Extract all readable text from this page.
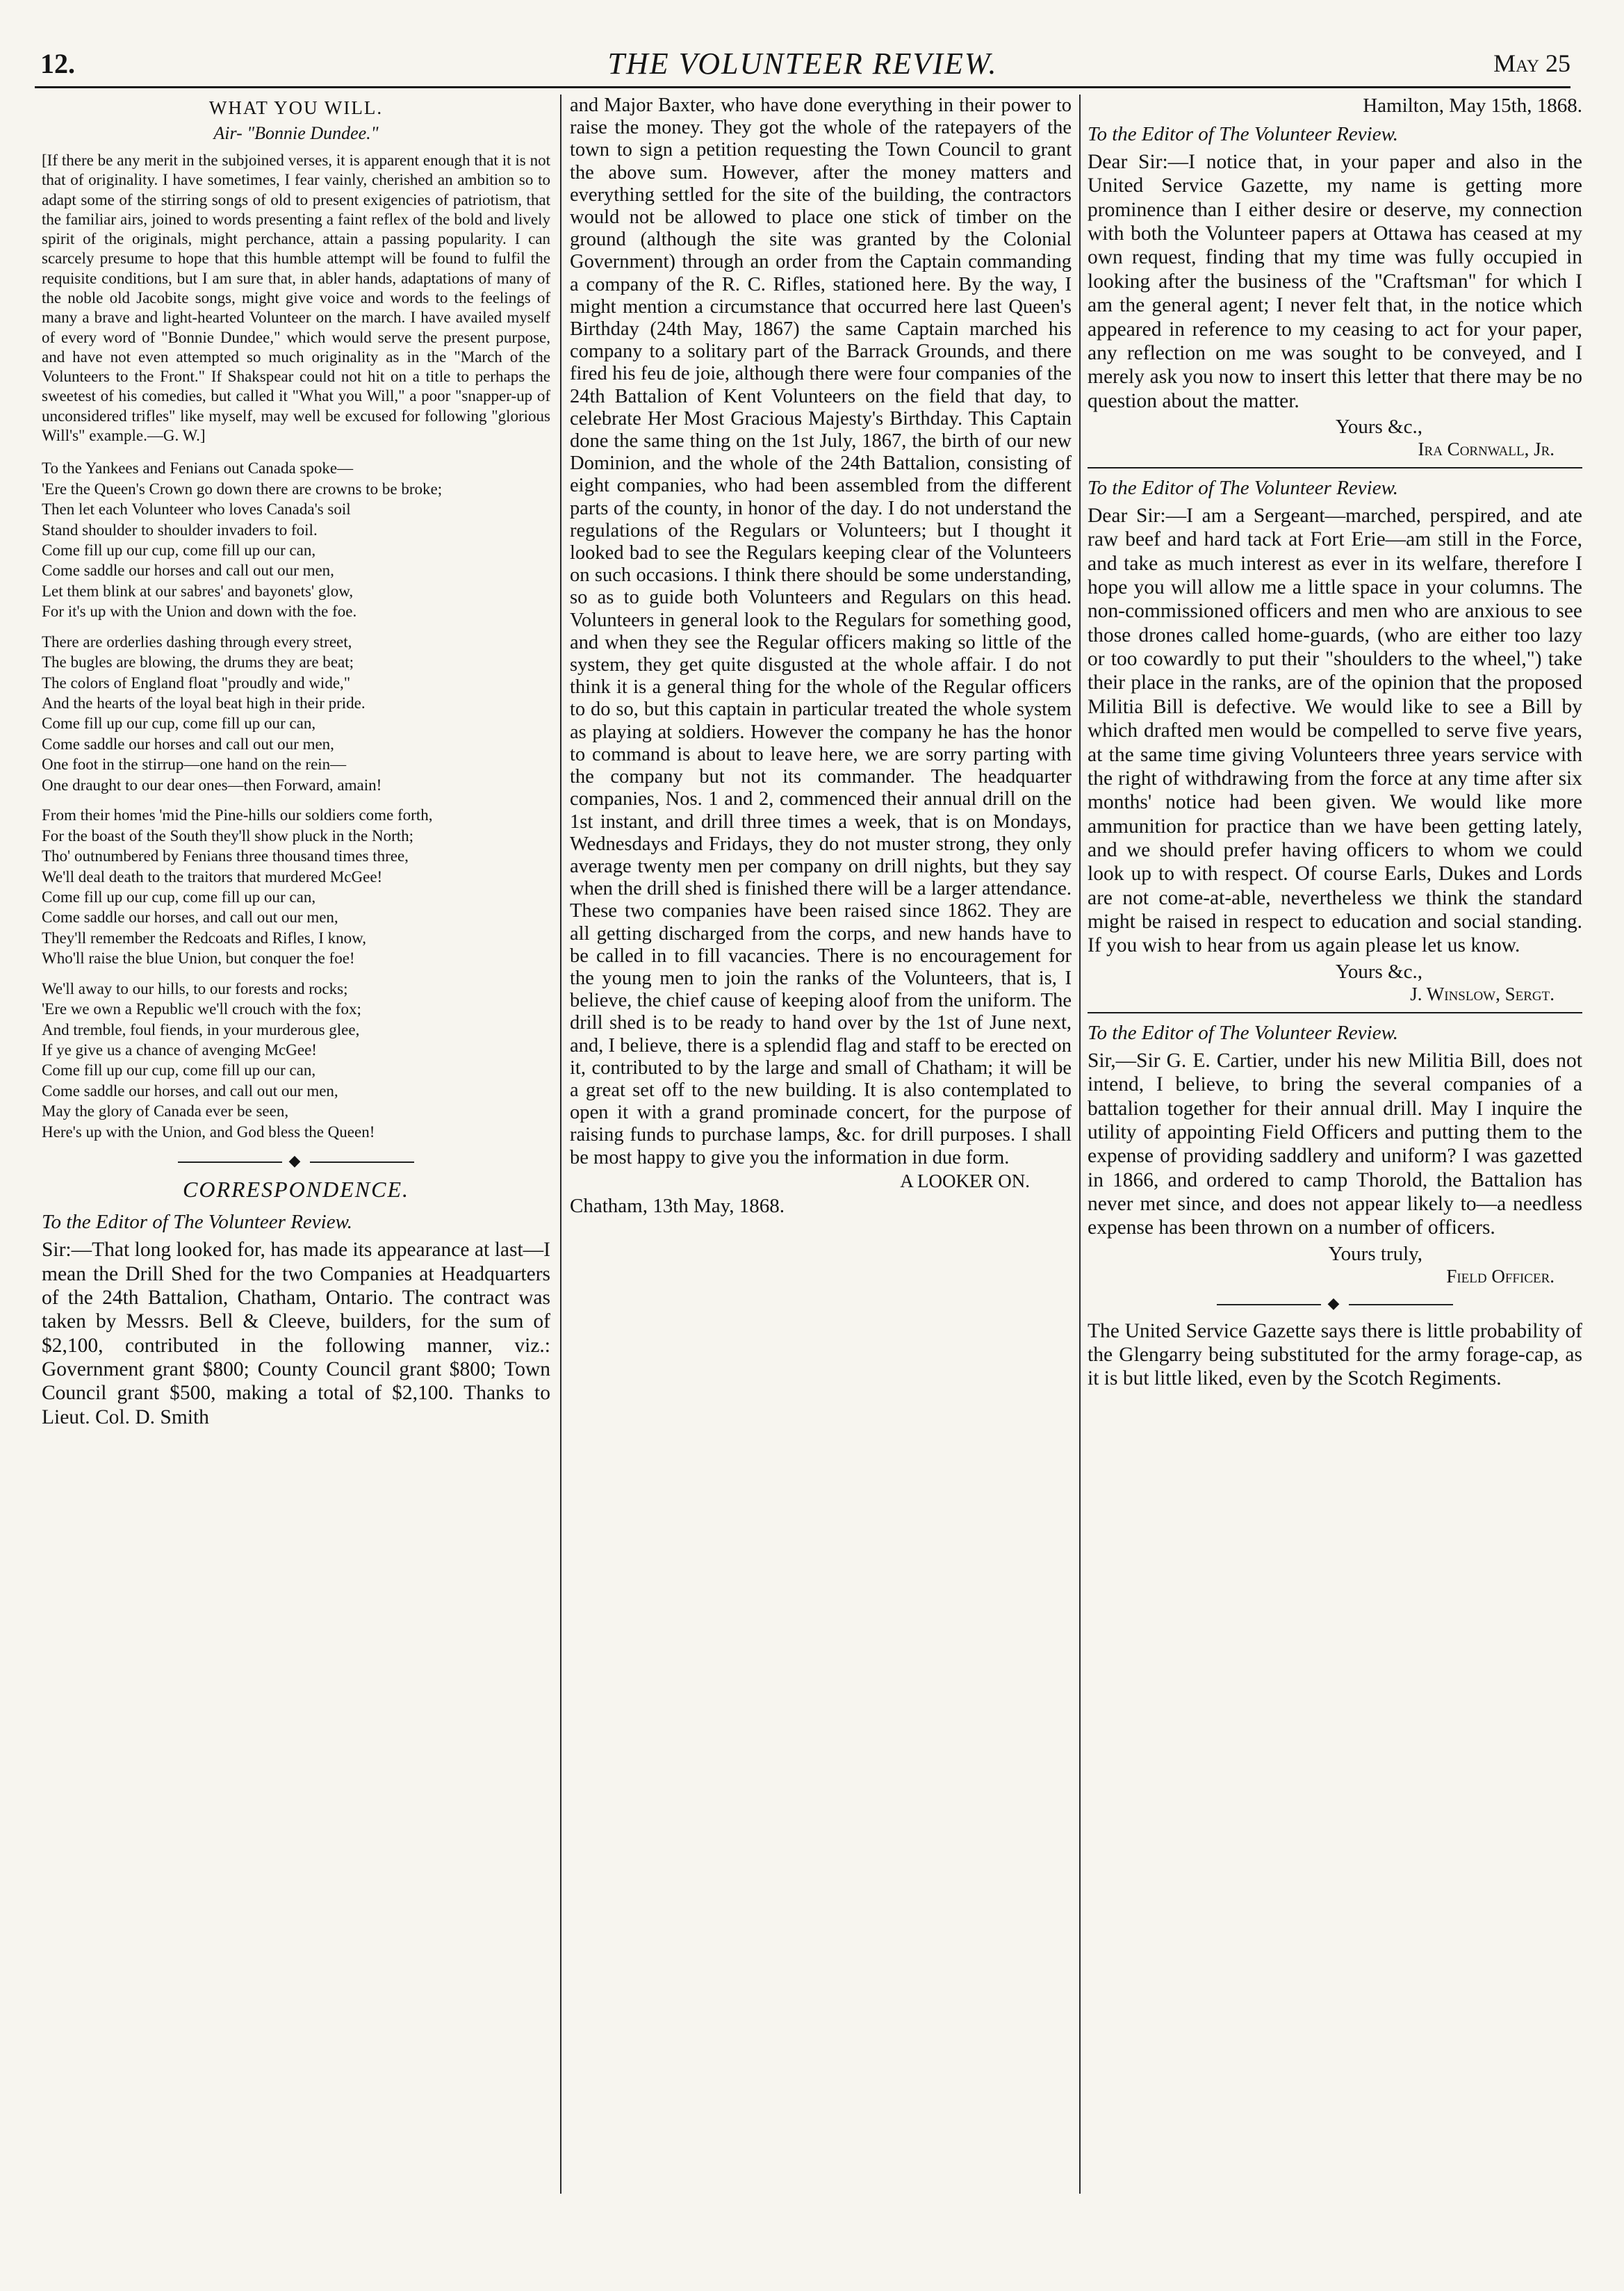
12.	THE VOLUNTEER REVIEW.	May 25
WHAT YOU WILL.
Air- "Bonnie Dundee."

[If there be any merit in the subjoined verses, it is apparent enough that it is not that of originality. I have sometimes, I fear vainly, cherished an ambition so to adapt some of the stirring songs of old to present exigencies of patriotism, that the familiar airs, joined to words presenting a faint reflex of the bold and lively spirit of the originals, might perchance, attain a passing popularity. I can scarcely presume to hope that this humble attempt will be found to fulfil the requisite conditions, but I am sure that, in abler hands, adaptations of many of the noble old Jacobite songs, might give voice and words to the feelings of many a brave and light-hearted Volunteer on the march. I have availed myself of every word of "Bonnie Dundee," which would serve the present purpose, and have not even attempted so much originality as in the "March of the Volunteers to the Front." If Shakspear could not hit on a title to perhaps the sweetest of his comedies, but called it "What you Will," a poor "snapper-up of unconsidered trifles" like myself, may well be excused for following "glorious Will's" example.—G. W.]

To the Yankees and Fenians out Canada spoke—
'Ere the Queen's Crown go down there are crowns to be broke;
Then let each Volunteer who loves Canada's soil
Stand shoulder to shoulder invaders to foil.
Come fill up our cup, come fill up our can,
Come saddle our horses and call out our men,
Let them blink at our sabres' and bayonets' glow,
For it's up with the Union and down with the foe.
There are orderlies dashing through every street,
The bugles are blowing, the drums they are beat;
The colors of England float "proudly and wide,"
And the hearts of the loyal beat high in their pride.
Come fill up our cup, come fill up our can,
Come saddle our horses and call out our men,
One foot in the stirrup—one hand on the rein—
One draught to our dear ones—then Forward, amain!
From their homes 'mid the Pine-hills our soldiers come forth,
For the boast of the South they'll show pluck in the North;
Tho' outnumbered by Fenians three thousand times three,
We'll deal death to the traitors that murdered McGee!
Come fill up our cup, come fill up our can,
Come saddle our horses, and call out our men,
They'll remember the Redcoats and Rifles, I know,
Who'll raise the blue Union, but conquer the foe!
We'll away to our hills, to our forests and rocks;
'Ere we own a Republic we'll crouch with the fox;
And tremble, foul fiends, in your murderous glee,
If ye give us a chance of avenging McGee!
Come fill up our cup, come fill up our can,
Come saddle our horses, and call out our men,
May the glory of Canada ever be seen,
Here's up with the Union, and God bless the Queen!
◆
CORRESPONDENCE.
To the Editor of The Volunteer Review.

Sir:—That long looked for, has made its appearance at last—I mean the Drill Shed for the two Companies at Headquarters of the 24th Battalion, Chatham, Ontario. The contract was taken by Messrs. Bell & Cleeve, builders, for the sum of $2,100, contributed in the following manner, viz.: Government grant $800; County Council grant $800; Town Council grant $500, making a total of $2,100. Thanks to Lieut. Col. D. Smith

and Major Baxter, who have done everything in their power to raise the money. They got the whole of the ratepayers of the town to sign a petition requesting the Town Council to grant the above sum. However, after the money matters and everything settled for the site of the building, the contractors would not be allowed to place one stick of timber on the ground (although the site was granted by the Colonial Government) through an order from the Captain commanding a company of the R. C. Rifles, stationed here. By the way, I might mention a circumstance that occurred here last Queen's Birthday (24th May, 1867) the same Captain marched his company to a solitary part of the Barrack Grounds, and there fired his feu de joie, although there were four companies of the 24th Battalion of Kent Volunteers on the field that day, to celebrate Her Most Gracious Majesty's Birthday. This Captain done the same thing on the 1st July, 1867, the birth of our new Dominion, and the whole of the 24th Battalion, consisting of eight companies, who had been assembled from the different parts of the county, in honor of the day. I do not understand the regulations of the Regulars or Volunteers; but I thought it looked bad to see the Regulars keeping clear of the Volunteers on such occasions. I think there should be some understanding, so as to guide both Volunteers and Regulars on this head. Volunteers in general look to the Regulars for something good, and when they see the Regular officers making so little of the system, they get quite disgusted at the whole affair. I do not think it is a general thing for the whole of the Regular officers to do so, but this captain in particular treated the whole system as playing at soldiers. However the company he has the honor to command is about to leave here, we are sorry parting with the company but not its commander. The headquarter companies, Nos. 1 and 2, commenced their annual drill on the 1st instant, and drill three times a week, that is on Mondays, Wednesdays and Fridays, they do not muster strong, they only average twenty men per company on drill nights, but they say when the drill shed is finished there will be a larger attendance. These two companies have been raised since 1862. They are all getting discharged from the corps, and new hands have to be called in to fill vacancies. There is no encouragement for the young men to join the ranks of the Volunteers, that is, I believe, the chief cause of keeping aloof from the uniform. The drill shed is to be ready to hand over by the 1st of June next, and, I believe, there is a splendid flag and staff to be erected on it, contributed to by the large and small of Chatham; it will be a great set off to the new building. It is also contemplated to open it with a grand prominade concert, for the purpose of raising funds to purchase lamps, &c. for drill purposes. I shall be most happy to give you the information in due form.

A LOOKER ON.
Chatham, 13th May, 1868.
Hamilton, May 15th, 1868.
To the Editor of The Volunteer Review.

Dear Sir:—I notice that, in your paper and also in the United Service Gazette, my name is getting more prominence than I either desire or deserve, my connection with both the Volunteer papers at Ottawa has ceased at my own request, finding that my time was fully occupied in looking after the business of the "Craftsman" for which I am the general agent; I never felt that, in the notice which appeared in reference to my ceasing to act for your paper, any reflection on me was sought to be conveyed, and I merely ask you now to insert this letter that there may be no question about the matter.

Yours &c.,
Ira Cornwall, Jr.
To the Editor of The Volunteer Review.

Dear Sir:—I am a Sergeant—marched, perspired, and ate raw beef and hard tack at Fort Erie—am still in the Force, and take as much interest as ever in its welfare, therefore I hope you will allow me a little space in your columns. The non-commissioned officers and men who are anxious to see those drones called home-guards, (who are either too lazy or too cowardly to put their "shoulders to the wheel,") take their place in the ranks, are of the opinion that the proposed Militia Bill is defective. We would like to see a Bill by which drafted men would be compelled to serve five years, at the same time giving Volunteers three years service with the right of withdrawing from the force at any time after six months' notice had been given. We would like more ammunition for practice than we have been getting lately, and we should prefer having officers to whom we could look up to with respect. Of course Earls, Dukes and Lords are not come-at-able, nevertheless we think the standard might be raised in respect to education and social standing. If you wish to hear from us again please let us know.

Yours &c.,
J. Winslow, Sergt.
To the Editor of The Volunteer Review.

Sir,—Sir G. E. Cartier, under his new Militia Bill, does not intend, I believe, to bring the several companies of a battalion together for their annual drill. May I inquire the utility of appointing Field Officers and putting them to the expense of providing saddlery and uniform? I was gazetted in 1866, and ordered to camp Thorold, the Battalion has never met since, and does not appear likely to—a needless expense has been thrown on a number of officers.

Yours truly,
Field Officer.
◆

The United Service Gazette says there is little probability of the Glengarry being substituted for the army forage-cap, as it is but little liked, even by the Scotch Regiments.
